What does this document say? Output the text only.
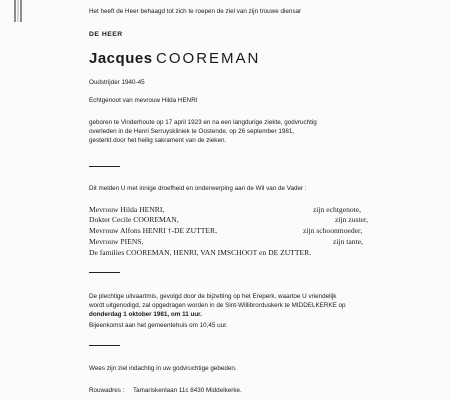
Het heeft de Heer behaagd tot zich te roepen de ziel van zijn trouwe diensar
DE HEER
Jacques COOREMAN
Oudstrijder 1940-45
Echtgenoot van mevrouw Hilda HENRI
geboren te Vinderhoute op 17 april 1923 en na een langdurige ziekte, godvruchtig
overleden in de Henri Serruyskliniek te Oostende, op 26 september 1981,
gesterkt door het heilig sakrament van de zieken.
Dit melden U met innige droefheid en onderwerping aan de Wil van de Vader :
Mevrouw Hilda HENRI,	zijn echtgenote,
Dokter Cecile COOREMAN,	zijn zuster,
Mevrouw Alfons HENRI †-DE ZUTTER,	zijn schoonmoeder,
Mevrouw PIENS,	zijn tante,
De families COOREMAN, HENRI, VAN IMSCHOOT en DE ZUTTER.
De plechtige uitvaartmis, gevolgd door de bijzetting op het Ereperk, waartoe U vriendelijk
wordt uitgenodigd, zal opgedragen worden in de Sint-Willibrorduskerk te MIDDELKERKE op
donderdag 1 oktober 1981, om 11 uur.
Bijeenkomst aan het gemeentehuis om 10,45 uur.
Wees zijn ziel indachtig in uw godvruchtige gebeden.
Rouwadres : Tamariskenlaan 11c 8430 Middelkerke.
